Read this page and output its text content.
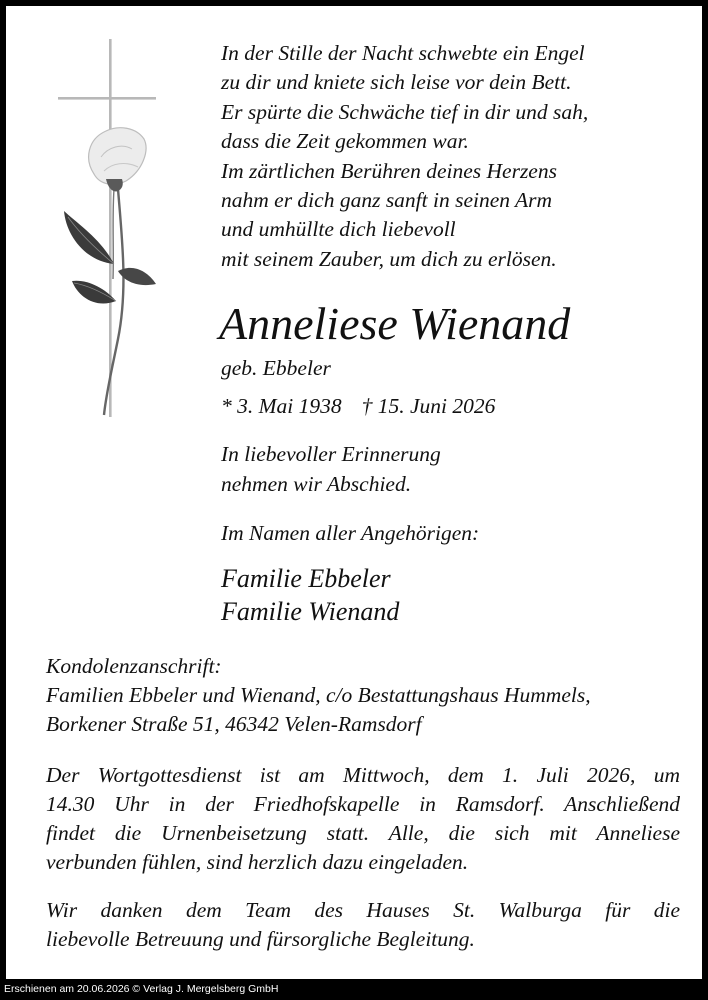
In der Stille der Nacht schwebte ein Engel
zu dir und kniete sich leise vor dein Bett.
Er spürte die Schwäche tief in dir und sah,
dass die Zeit gekommen war.
Im zärtlichen Berühren deines Herzens
nahm er dich ganz sanft in seinen Arm
und umhüllte dich liebevoll
mit seinem Zauber, um dich zu erlösen.
Anneliese Wienand
geb. Ebbeler
* 3. Mai 1938 † 15. Juni 2026
In liebevoller Erinnerung
nehmen wir Abschied.
Im Namen aller Angehörigen:
Familie Ebbeler
Familie Wienand
Kondolenzanschrift:
Familien Ebbeler und Wienand, c/o Bestattungshaus Hummels,
Borkener Straße 51, 46342 Velen-Ramsdorf
Der Wortgottesdienst ist am Mittwoch, dem 1. Juli 2026, um
14.30 Uhr in der Friedhofskapelle in Ramsdorf. Anschließend
findet die Urnenbeisetzung statt. Alle, die sich mit Anneliese
verbunden fühlen, sind herzlich dazu eingeladen.
Wir danken dem Team des Hauses St. Walburga für die
liebevolle Betreuung und fürsorgliche Begleitung.
Erschienen am 20.06.2026 © Verlag J. Mergelsberg GmbH
